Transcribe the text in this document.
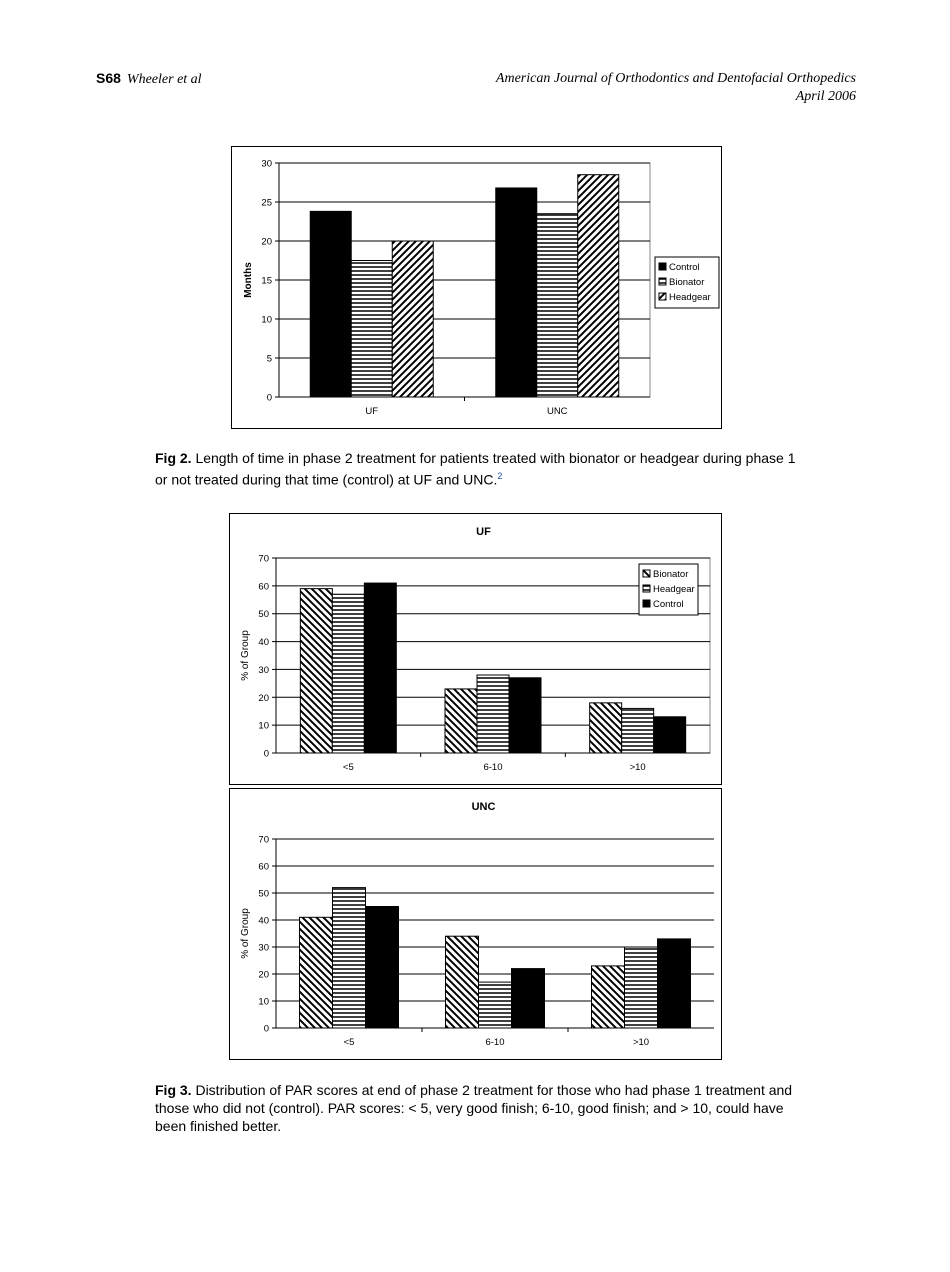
S68 Wheeler et al	American Journal of Orthodontics and Dentofacial Orthopedics
April 2006
0
5
10
15
20
25
30
UF	UNC
Months	Control
Bionator
Headgear
Fig 2. Length of time in phase 2 treatment for patients treated with bionator or headgear during phase 1 or not treated during that time (control) at UF and UNC.$^2$
0
10
20
30
40
50
60
70
<5	6-10	>10
% of Group
UF
Bionator
Headgear
Control
0
10
20
30
40
50
60
70
<5	6-10	>10
% of Group
UNC
Fig 3. Distribution of PAR scores at end of phase 2 treatment for those who had phase 1 treatment and those who did not (control). PAR scores: < 5, very good finish; 6-10, good finish; and > 10, could have been finished better.
